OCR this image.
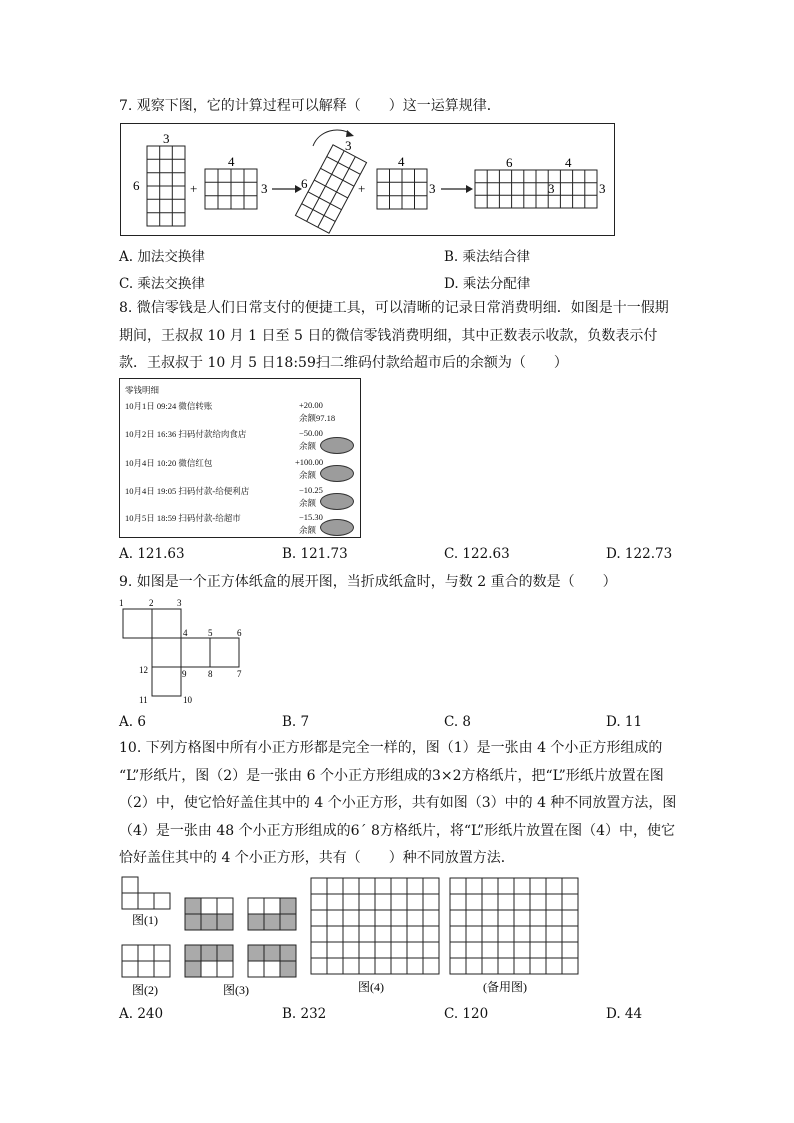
7. 观察下图，它的计算过程可以解释（　　）这一运算规律．
3
6	+
4
3
3
6	+
4
3
6	4
3	3
A. 加法交换律	B. 乘法结合律
C. 乘法交换律	D. 乘法分配律
8. 微信零钱是人们日常支付的便捷工具，可以清晰的记录日常消费明细．如图是十一假期
期间，王叔叔 10 月 1 日至 5 日的微信零钱消费明细，其中正数表示收款，负数表示付
款．王叔叔于 10 月 5 日18:59扫二维码付款给超市后的余额为（　　）
零钱明细
10月1日 09:24 微信转账	+20.00
余额97.18
10月2日 16:36 扫码付款给肉食店	−50.00
余额
10月4日 10:20 微信红包	+100.00
余额
10月4日 19:05 扫码付款-给便利店	−10.25
余额
10月5日 18:59 扫码付款-给超市	−15.30
余额
A. 121.63	B. 121.73	C. 122.63	D. 122.73
9. 如图是一个正方体纸盒的展开图，当折成纸盒时，与数 2 重合的数是（　　）
1	2	3
4 5	6
7
8
9
10
11
12
A. 6	B. 7	C. 8	D. 11
10. 下列方格图中所有小正方形都是完全一样的，图（1）是一张由 4 个小正方形组成的
“L”形纸片，图（2）是一张由 6 个小正方形组成的3×2方格纸片，把“L”形纸片放置在图
（2）中，使它恰好盖住其中的 4 个小正方形，共有如图（3）中的 4 种不同放置方法，图
（4）是一张由 48 个小正方形组成的6´ 8方格纸片，将“L”形纸片放置在图（4）中，使它
恰好盖住其中的 4 个小正方形，共有（　　）种不同放置方法．
图(1)
图(2)	图(3)	图(4)	(备用图)
A. 240	B. 232	C. 120	D. 44
